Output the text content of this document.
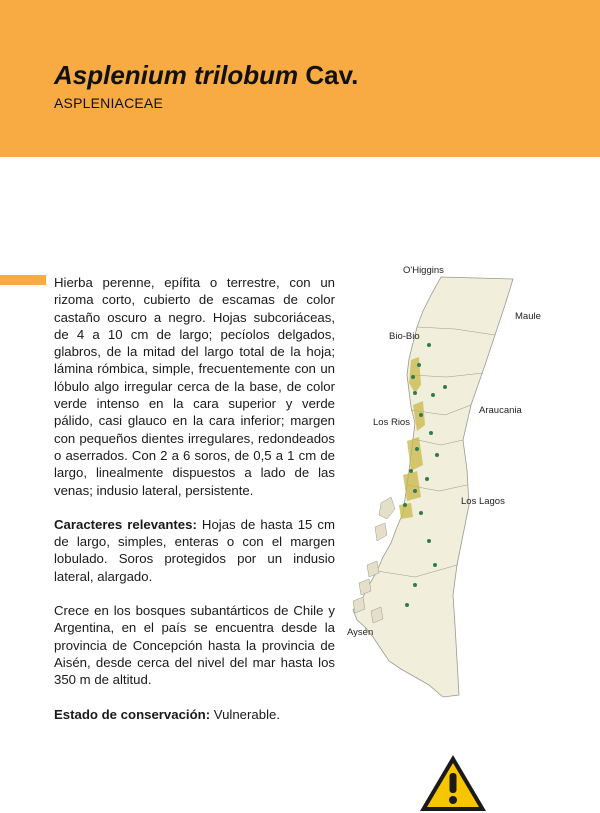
Asplenium trilobum Cav.
ASPLENIACEAE

Hierba perenne, epífita o terrestre, con un rizoma corto, cubierto de escamas de color castaño oscuro a negro. Hojas subcoriáceas, de 4 a 10 cm de largo; pecíolos delgados, glabros, de la mitad del largo total de la hoja; lámina rómbica, simple, frecuentemente con un lóbulo algo irregular cerca de la base, de color verde intenso en la cara superior y verde pálido, casi glauco en la cara inferior; margen con pequeños dientes irregulares, redondeados o aserrados. Con 2 a 6 soros, de 0,5 a 1 cm de largo, linealmente dispuestos a lado de las venas; indusio lateral, persistente.

Caracteres relevantes: Hojas de hasta 15 cm de largo, simples, enteras o con el margen lobulado. Soros protegidos por un indusio lateral, alargado.

Crece en los bosques subantárticos de Chile y Argentina, en el país se encuentra desde la provincia de Concepción hasta la provincia de Aisén, desde cerca del nivel del mar hasta los 350 m de altitud.

Estado de conservación: Vulnerable.

O'Higgins
Maule
Bio-Bio
Araucania
Los Rios
Los Lagos
Aysén
